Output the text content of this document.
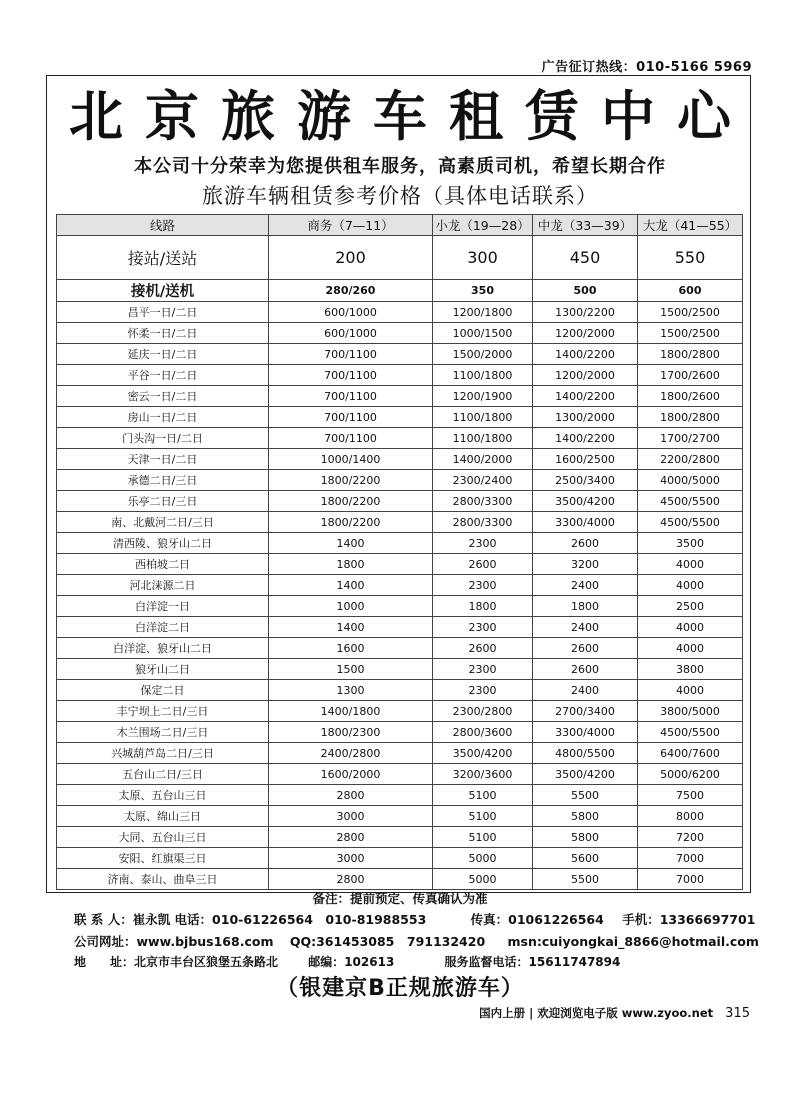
广告征订热线：010-5166 5969
北京旅游车租赁中心
本公司十分荣幸为您提供租车服务，高素质司机，希望长期合作
旅游车辆租赁参考价格（具体电话联系）
线路	商务（7—11）	小龙（19—28）	中龙（33—39）	大龙（41—55）
接站/送站	200	300	450	550
接机/送机	280/260	350	500	600
昌平一日/二日	600/1000	1200/1800	1300/2200	1500/2500
怀柔一日/二日	600/1000	1000/1500	1200/2000	1500/2500
延庆一日/二日	700/1100	1500/2000	1400/2200	1800/2800
平谷一日/二日	700/1100	1100/1800	1200/2000	1700/2600
密云一日/二日	700/1100	1200/1900	1400/2200	1800/2600
房山一日/二日	700/1100	1100/1800	1300/2000	1800/2800
门头沟一日/二日	700/1100	1100/1800	1400/2200	1700/2700
天津一日/二日	1000/1400	1400/2000	1600/2500	2200/2800
承德二日/三日	1800/2200	2300/2400	2500/3400	4000/5000
乐亭二日/三日	1800/2200	2800/3300	3500/4200	4500/5500
南、北戴河二日/三日	1800/2200	2800/3300	3300/4000	4500/5500
清西陵、狼牙山二日	1400	2300	2600	3500
西柏坡二日	1800	2600	3200	4000
河北涞源二日	1400	2300	2400	4000
白洋淀一日	1000	1800	1800	2500
白洋淀二日	1400	2300	2400	4000
白洋淀、狼牙山二日	1600	2600	2600	4000
狼牙山二日	1500	2300	2600	3800
保定二日	1300	2300	2400	4000
丰宁坝上二日/三日	1400/1800	2300/2800	2700/3400	3800/5000
木兰围场二日/三日	1800/2300	2800/3600	3300/4000	4500/5500
兴城葫芦岛二日/三日	2400/2800	3500/4200	4800/5500	6400/7600
五台山二日/三日	1600/2000	3200/3600	3500/4200	5000/6200
太原、五台山三日	2800	5100	5500	7500
太原、绵山三日	3000	5100	5800	8000
大同、五台山三日	2800	5100	5800	7200
安阳、红旗渠三日	3000	5000	5600	7000
济南、泰山、曲阜三日	2800	5000	5500	7000
备注：提前预定、传真确认为准
联 系 人：崔永凯 电话：010-61226564　010-81988553	传真：01061226564 手机：13366697701
公司网址：www.bjbus168.com QQ:361453085　791132420 msn:cuiyongkai_8866@hotmail.com
地　　址：北京市丰台区狼堡五条路北	邮编：102613	服务监督电话：15611747894
（银建京B正规旅游车）
国内上册 | 欢迎浏览电子版 www.zyoo.net 315
